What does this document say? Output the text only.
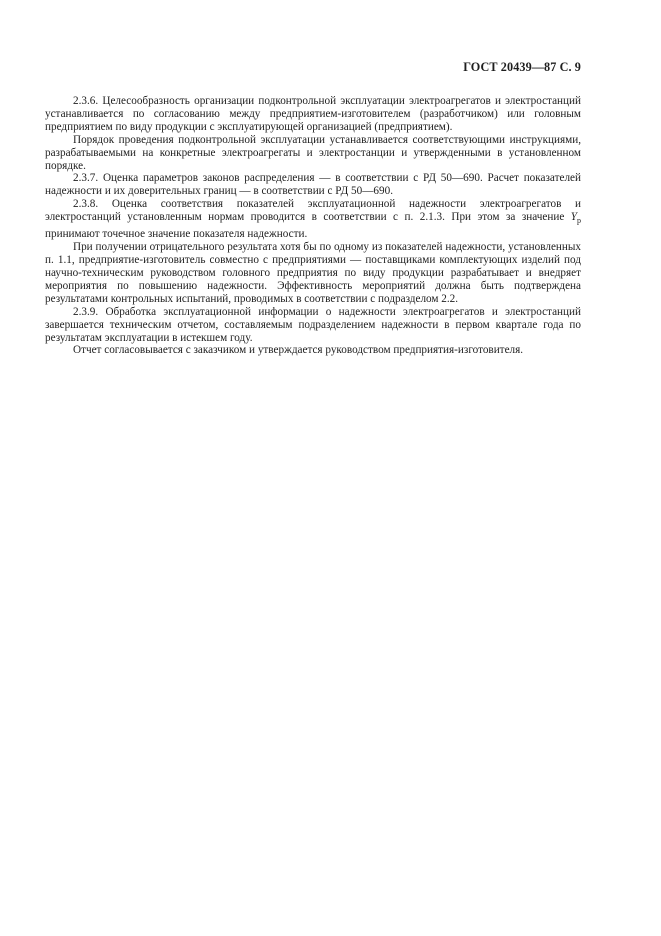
ГОСТ 20439—87 С. 9

2.3.6. Целесообразность организации подконтрольной эксплуатации электроагрегатов и электростанций устанавливается по согласованию между предприятием-изготовителем (разработчиком) или головным предприятием по виду продукции с эксплуатирующей организацией (предприятием).

Порядок проведения подконтрольной эксплуатации устанавливается соответствующими инструкциями, разрабатываемыми на конкретные электроагрегаты и электростанции и утвержденными в установленном порядке.

2.3.7. Оценка параметров законов распределения — в соответствии с РД 50—690. Расчет показателей надежности и их доверительных границ — в соответствии с РД 50—690.

2.3.8. Оценка соответствия показателей эксплуатационной надежности электроагрегатов и электростанций установленным нормам проводится в соответствии с п. 2.1.3. При этом за значение $Y_p$ принимают точечное значение показателя надежности.

При получении отрицательного результата хотя бы по одному из показателей надежности, установленных п. 1.1, предприятие-изготовитель совместно с предприятиями — поставщиками комплектующих изделий под научно-техническим руководством головного предприятия по виду продукции разрабатывает и внедряет мероприятия по повышению надежности. Эффективность мероприятий должна быть подтверждена результатами контрольных испытаний, проводимых в соответствии с подразделом 2.2.

2.3.9. Обработка эксплуатационной информации о надежности электроагрегатов и электростанций завершается техническим отчетом, составляемым подразделением надежности в первом квартале года по результатам эксплуатации в истекшем году.

Отчет согласовывается с заказчиком и утверждается руководством предприятия-изготовителя.
